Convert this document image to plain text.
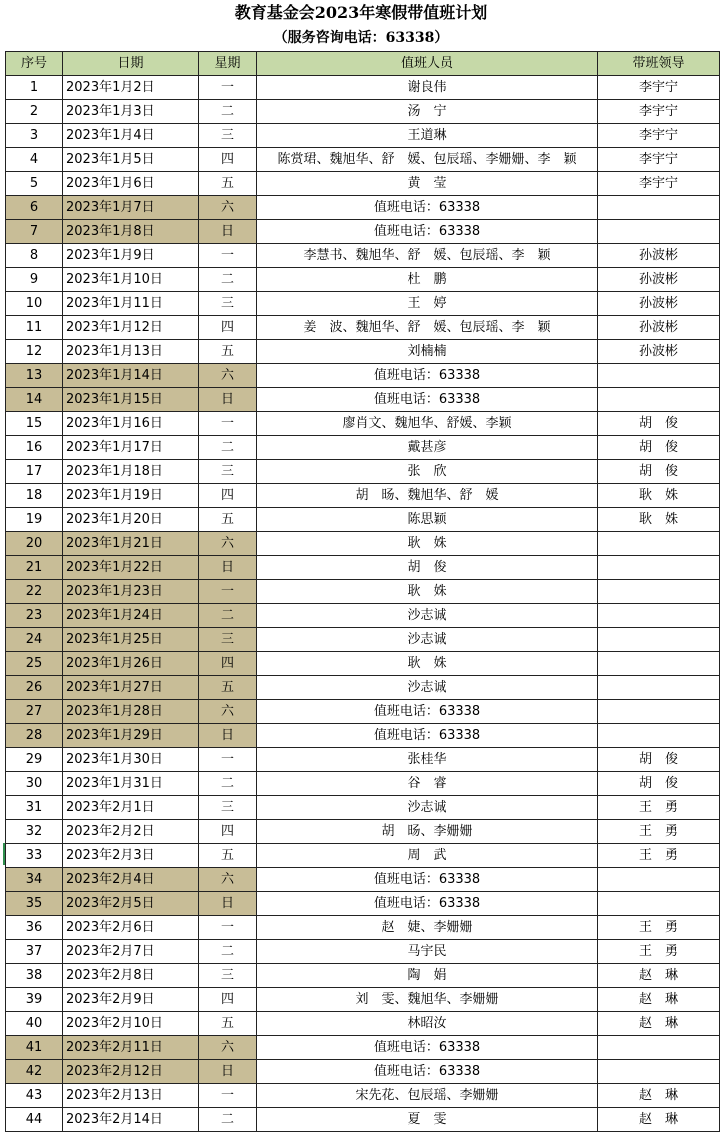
教育基金会2023年寒假带值班计划
（服务咨询电话：63338）
序号	日期	星期	值班人员	带班领导
1	2023年1月2日	一	谢良伟	李宇宁
2	2023年1月3日	二	汤　宁	李宇宁
3	2023年1月4日	三	王道琳	李宇宁
4	2023年1月5日	四	陈赏珺、魏旭华、舒　媛、包辰瑶、李姗姗、李　颖	李宇宁
5	2023年1月6日	五	黄　莹	李宇宁
6	2023年1月7日	六	值班电话：63338	
7	2023年1月8日	日	值班电话：63338	
8	2023年1月9日	一	李慧书、魏旭华、舒　媛、包辰瑶、李　颖	孙波彬
9	2023年1月10日	二	杜　鹏	孙波彬
10	2023年1月11日	三	王　婷	孙波彬
11	2023年1月12日	四	姜　波、魏旭华、舒　媛、包辰瑶、李　颖	孙波彬
12	2023年1月13日	五	刘楠楠	孙波彬
13	2023年1月14日	六	值班电话：63338	
14	2023年1月15日	日	值班电话：63338	
15	2023年1月16日	一	廖肖文、魏旭华、舒媛、李颖	胡　俊
16	2023年1月17日	二	戴甚彦	胡　俊
17	2023年1月18日	三	张　欣	胡　俊
18	2023年1月19日	四	胡　旸、魏旭华、舒　媛	耿　姝
19	2023年1月20日	五	陈思颖	耿　姝
20	2023年1月21日	六	耿　姝	
21	2023年1月22日	日	胡　俊	
22	2023年1月23日	一	耿　姝	
23	2023年1月24日	二	沙志诚	
24	2023年1月25日	三	沙志诚	
25	2023年1月26日	四	耿　姝	
26	2023年1月27日	五	沙志诚	
27	2023年1月28日	六	值班电话：63338	
28	2023年1月29日	日	值班电话：63338	
29	2023年1月30日	一	张桂华	胡　俊
30	2023年1月31日	二	谷　睿	胡　俊
31	2023年2月1日	三	沙志诚	王　勇
32	2023年2月2日	四	胡　旸、李姗姗	王　勇
33	2023年2月3日	五	周　武	王　勇
34	2023年2月4日	六	值班电话：63338	
35	2023年2月5日	日	值班电话：63338	
36	2023年2月6日	一	赵　婕、李姗姗	王　勇
37	2023年2月7日	二	马宇民	王　勇
38	2023年2月8日	三	陶　娟	赵　琳
39	2023年2月9日	四	刘　雯、魏旭华、李姗姗	赵　琳
40	2023年2月10日	五	林昭汝	赵　琳
41	2023年2月11日	六	值班电话：63338	
42	2023年2月12日	日	值班电话：63338	
43	2023年2月13日	一	宋先花、包辰瑶、李姗姗	赵　琳
44	2023年2月14日	二	夏　雯	赵　琳
